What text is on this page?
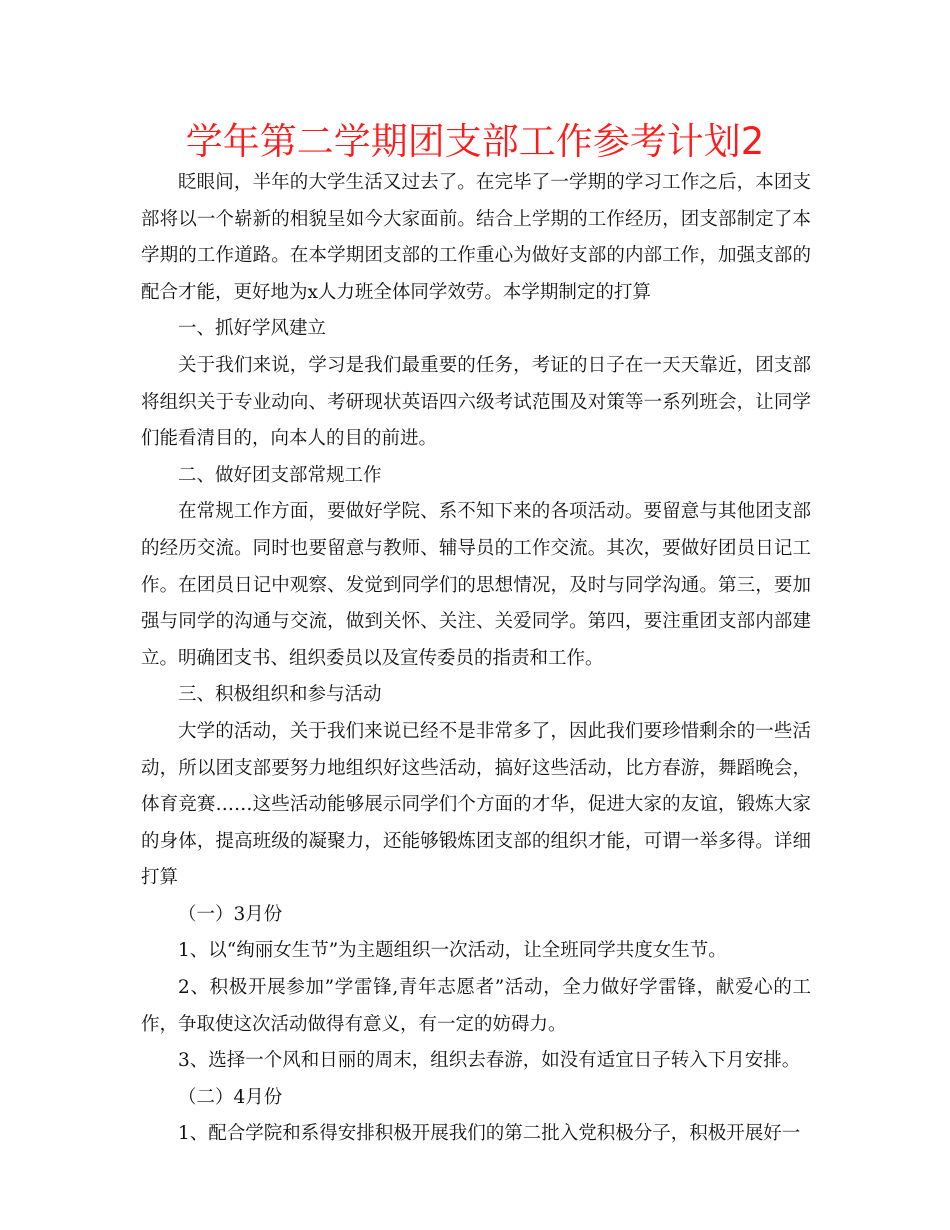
学年第二学期团支部工作参考计划2

眨眼间，半年的大学生活又过去了。在完毕了一学期的学习工作之后，本团支部将以一个崭新的相貌呈如今大家面前。结合上学期的工作经历，团支部制定了本学期的工作道路。在本学期团支部的工作重心为做好支部的内部工作，加强支部的配合才能，更好地为x人力班全体同学效劳。本学期制定的打算

一、抓好学风建立

关于我们来说，学习是我们最重要的任务，考证的日子在一天天靠近，团支部将组织关于专业动向、考研现状英语四六级考试范围及对策等一系列班会，让同学们能看清目的，向本人的目的前进。

二、做好团支部常规工作

在常规工作方面，要做好学院、系不知下来的各项活动。要留意与其他团支部的经历交流。同时也要留意与教师、辅导员的工作交流。其次，要做好团员日记工作。在团员日记中观察、发觉到同学们的思想情况，及时与同学沟通。第三，要加强与同学的沟通与交流，做到关怀、关注、关爱同学。第四，要注重团支部内部建立。明确团支书、组织委员以及宣传委员的指责和工作。

三、积极组织和参与活动

大学的活动，关于我们来说已经不是非常多了，因此我们要珍惜剩余的一些活动，所以团支部要努力地组织好这些活动，搞好这些活动，比方春游，舞蹈晚会，体育竞赛……这些活动能够展示同学们个方面的才华，促进大家的友谊，锻炼大家的身体，提高班级的凝聚力，还能够锻炼团支部的组织才能，可谓一举多得。详细打算

（一）3月份

1、以“绚丽女生节”为主题组织一次活动，让全班同学共度女生节。

2、积极开展参加”学雷锋,青年志愿者”活动，全力做好学雷锋，献爱心的工作，争取使这次活动做得有意义，有一定的妨碍力。

3、选择一个风和日丽的周末，组织去春游，如没有适宜日子转入下月安排。

（二）4月份

1、配合学院和系得安排积极开展我们的第二批入党积极分子，积极开展好一
